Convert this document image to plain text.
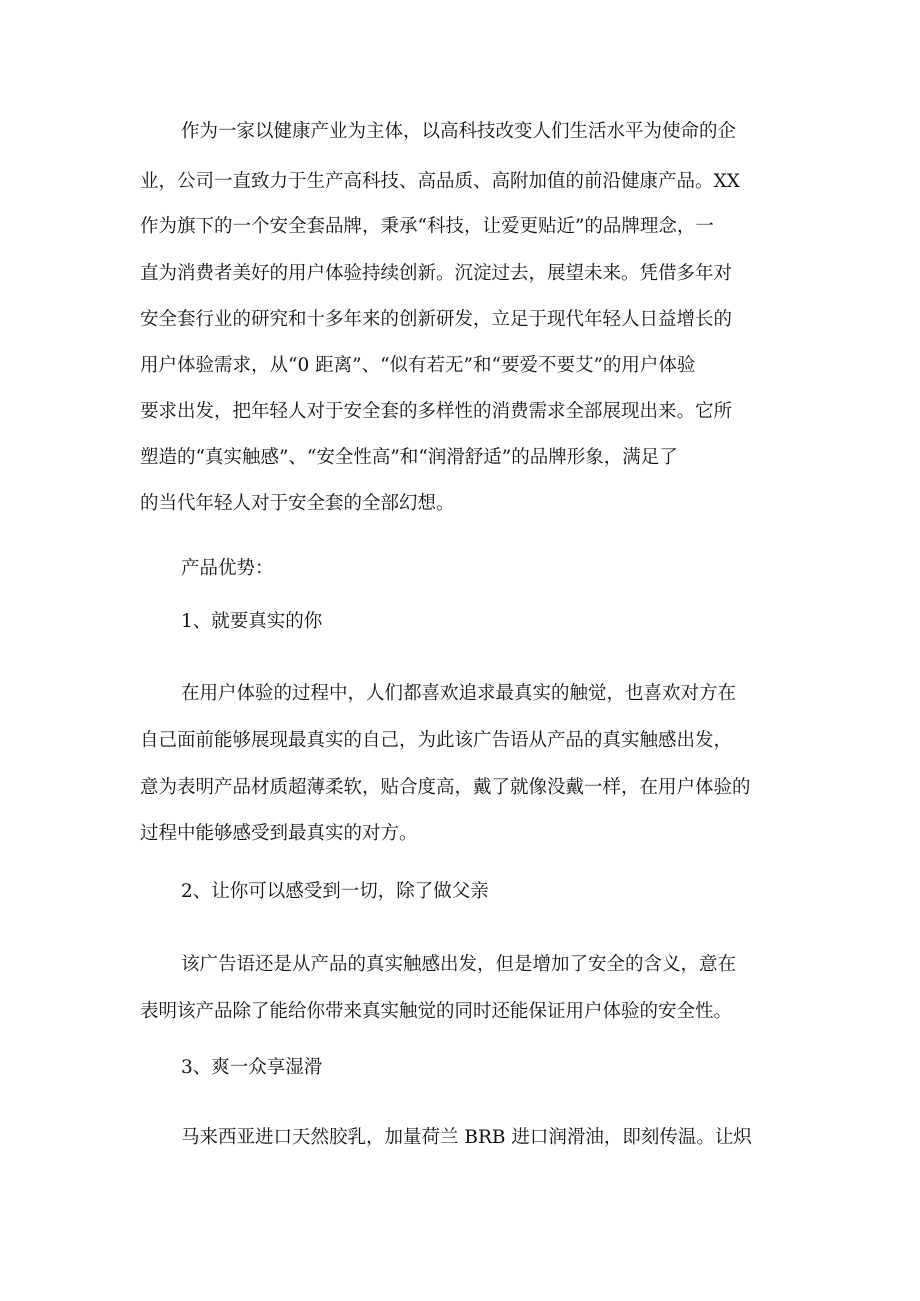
作为一家以健康产业为主体，以高科技改变人们生活水平为使命的企
业，公司一直致力于生产高科技、高品质、高附加值的前沿健康产品。XX
作为旗下的一个安全套品牌，秉承“科技，让爱更贴近”的品牌理念，一
直为消费者美好的用户体验持续创新。沉淀过去，展望未来。凭借多年对
安全套行业的研究和十多年来的创新研发，立足于现代年轻人日益增长的
用户体验需求，从“0 距离”、“似有若无”和“要爱不要艾”的用户体验
要求出发，把年轻人对于安全套的多样性的消费需求全部展现出来。它所
塑造的“真实触感”、“安全性高”和“润滑舒适”的品牌形象，满足了
的当代年轻人对于安全套的全部幻想。
产品优势：
1、就要真实的你
在用户体验的过程中，人们都喜欢追求最真实的触觉，也喜欢对方在
自己面前能够展现最真实的自己，为此该广告语从产品的真实触感出发，
意为表明产品材质超薄柔软，贴合度高，戴了就像没戴一样，在用户体验的
过程中能够感受到最真实的对方。
2、让你可以感受到一切，除了做父亲
该广告语还是从产品的真实触感出发，但是增加了安全的含义，意在
表明该产品除了能给你带来真实触觉的同时还能保证用户体验的安全性。
3、爽一众享湿滑
马来西亚进口天然胶乳，加量荷兰 BRB 进口润滑油，即刻传温。让炽
